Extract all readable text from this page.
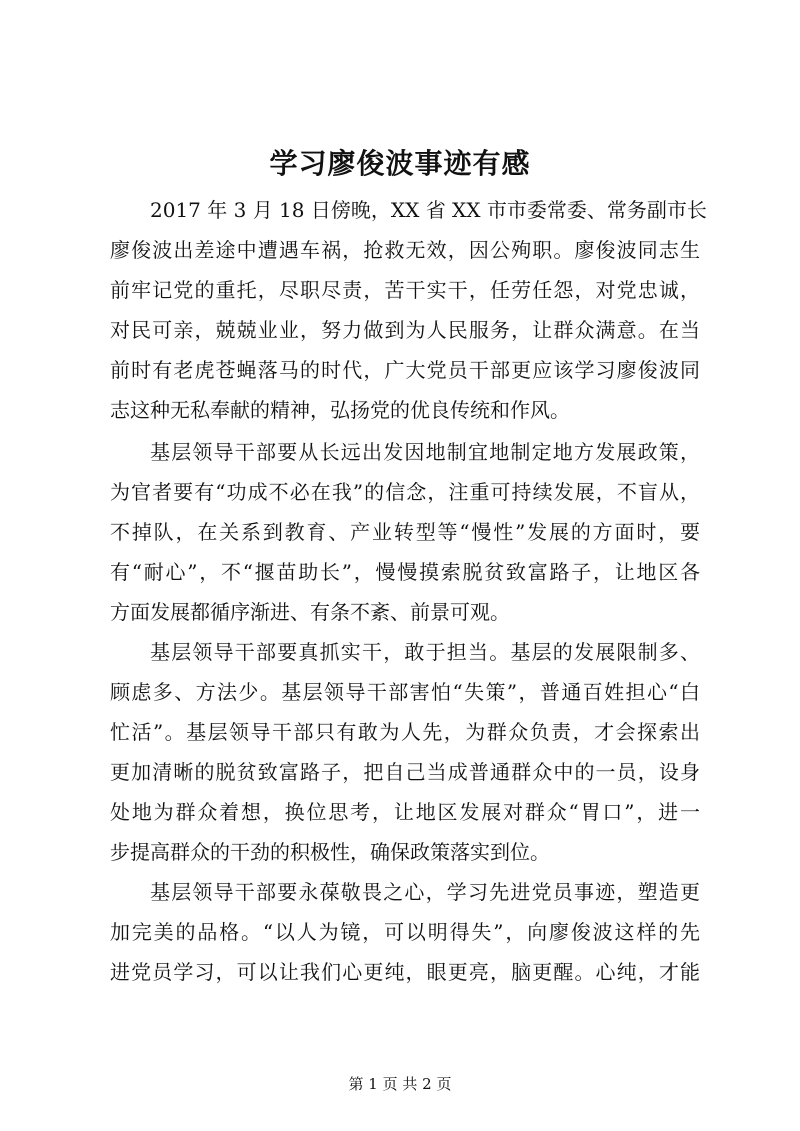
学习廖俊波事迹有感

2017 年 3 月 18 日傍晚，XX 省 XX 市市委常委、常务副市长

廖俊波出差途中遭遇车祸，抢救无效，因公殉职。廖俊波同志生

前牢记党的重托，尽职尽责，苦干实干，任劳任怨，对党忠诚，

对民可亲，兢兢业业，努力做到为人民服务，让群众满意。在当

前时有老虎苍蝇落马的时代，广大党员干部更应该学习廖俊波同

志这种无私奉献的精神，弘扬党的优良传统和作风。

基层领导干部要从长远出发因地制宜地制定地方发展政策，

为官者要有“功成不必在我”的信念，注重可持续发展，不盲从，

不掉队，在关系到教育、产业转型等“慢性”发展的方面时，要

有“耐心”，不“揠苗助长”，慢慢摸索脱贫致富路子，让地区各

方面发展都循序渐进、有条不紊、前景可观。

基层领导干部要真抓实干，敢于担当。基层的发展限制多、

顾虑多、方法少。基层领导干部害怕“失策”，普通百姓担心“白

忙活”。基层领导干部只有敢为人先，为群众负责，才会探索出

更加清晰的脱贫致富路子，把自己当成普通群众中的一员，设身

处地为群众着想，换位思考，让地区发展对群众“胃口”，进一

步提高群众的干劲的积极性，确保政策落实到位。

基层领导干部要永葆敬畏之心，学习先进党员事迹，塑造更

加完美的品格。“以人为镜，可以明得失”，向廖俊波这样的先

进党员学习，可以让我们心更纯，眼更亮，脑更醒。心纯，才能

第 1 页 共 2 页
